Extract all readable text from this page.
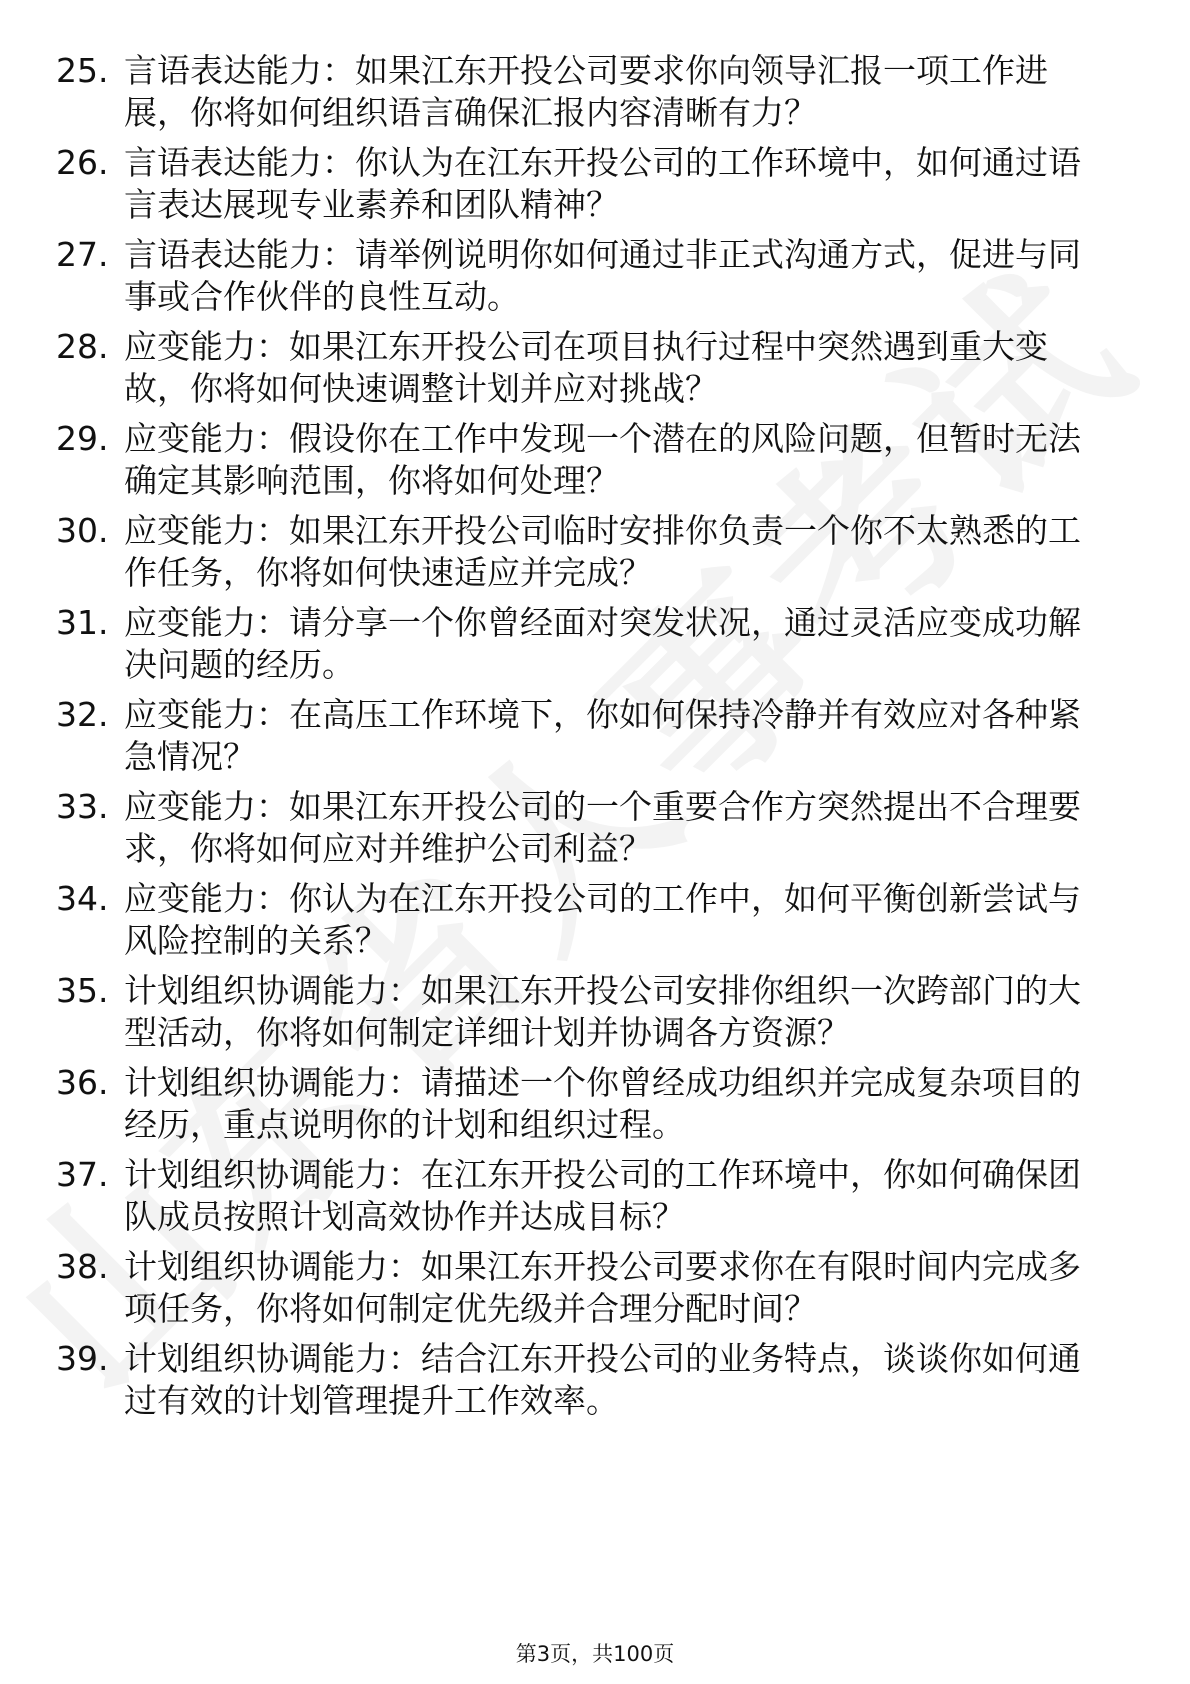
25. 言语表达能力：如果江东开投公司要求你向领导汇报一项工作进展，你将如何组织语言确保汇报内容清晰有力？
26. 言语表达能力：你认为在江东开投公司的工作环境中，如何通过语言表达展现专业素养和团队精神？
27. 言语表达能力：请举例说明你如何通过非正式沟通方式，促进与同事或合作伙伴的良性互动。
28. 应变能力：如果江东开投公司在项目执行过程中突然遇到重大变故，你将如何快速调整计划并应对挑战？
29. 应变能力：假设你在工作中发现一个潜在的风险问题，但暂时无法确定其影响范围，你将如何处理？
30. 应变能力：如果江东开投公司临时安排你负责一个你不太熟悉的工作任务，你将如何快速适应并完成？
31. 应变能力：请分享一个你曾经面对突发状况，通过灵活应变成功解决问题的经历。
32. 应变能力：在高压工作环境下，你如何保持冷静并有效应对各种紧急情况？
33. 应变能力：如果江东开投公司的一个重要合作方突然提出不合理要求，你将如何应对并维护公司利益？
34. 应变能力：你认为在江东开投公司的工作中，如何平衡创新尝试与风险控制的关系？
35. 计划组织协调能力：如果江东开投公司安排你组织一次跨部门的大型活动，你将如何制定详细计划并协调各方资源？
36. 计划组织协调能力：请描述一个你曾经成功组织并完成复杂项目的经历，重点说明你的计划和组织过程。
37. 计划组织协调能力：在江东开投公司的工作环境中，你如何确保团队成员按照计划高效协作并达成目标？
38. 计划组织协调能力：如果江东开投公司要求你在有限时间内完成多项任务，你将如何制定优先级并合理分配时间？
39. 计划组织协调能力：结合江东开投公司的业务特点，谈谈你如何通过有效的计划管理提升工作效率。
第3页，共100页
